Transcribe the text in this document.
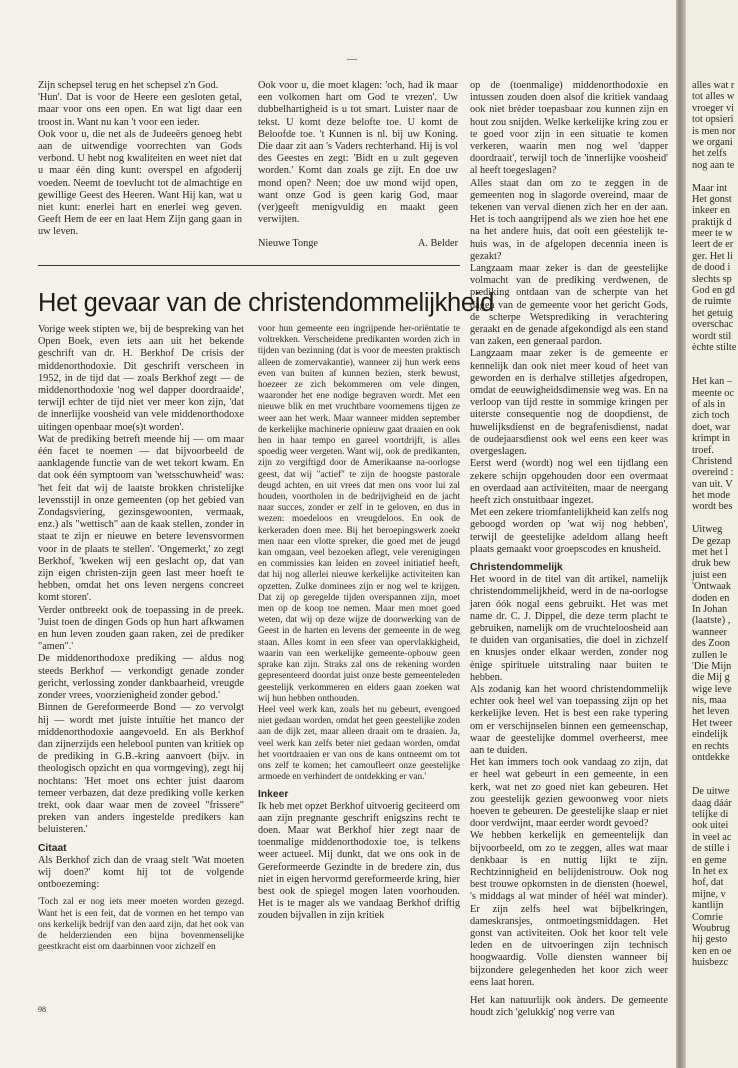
—

Zijn schepsel terug en het schepsel z'n God.

'Hun'. Dat is voor de Heere een gesloten getal, maar voor ons een open. En wat ligt daar een troost in. Want nu kan 't voor een ieder.

Ook voor u, die net als de Judeeërs genoeg hebt aan de uitwendige voorrechten van Gods verbond. U hebt nog kwaliteiten en weet niet dat u maar één ding kunt: overspel en afgoderij voeden. Neemt de toevlucht tot de almachtige en gewillige Geest des Heeren. Want Hij kan, wat u niet kunt: enerlei hart en enerlei weg geven. Geeft Hem de eer en laat Hem Zijn gang gaan in uw leven.

Ook voor u, die moet klagen: 'och, had ik maar een volkomen hart om God te vrezen'. Uw dubbelhartigheid is u tot smart. Luister naar de tekst. U komt deze belofte toe. U komt de Beloofde toe. 't Kunnen is nl. bij uw Koning. Die daar zit aan 's Vaders rechterhand. Hij is vol des Geestes en zegt: 'Bidt en u zult gegeven worden.' Komt dan zoals ge zijt. En doe uw mond open? Neen; doe uw mond wijd open, want onze God is geen karig God, maar (ver)geeft menigvuldig en maakt geen verwijten.

Nieuwe Tonge	A. Belder
Het gevaar van de christendommelijkheid

Vorige week stipten we, bij de bespreking van het Open Boek, even iets aan uit het bekende geschrift van dr. H. Berkhof De crisis der middenorthodoxie. Dit geschrift verscheen in 1952, in de tijd dat — zoals Berkhof zegt — de middenorthodoxie 'nog wel dapper doordraaide', terwijl echter de tijd niet ver meer kon zijn, 'dat de innerlijke voosheid van vele middenorthodoxe uitingen openbaar moe(s)t worden'.

Wat de prediking betreft meende hij — om maar één facet te noemen — dat bijvoorbeeld de aanklagende functie van de wet tekort kwam. En dat ook één symptoom van 'wetsschuwheid' was: 'het feit dat wij de laatste brokken christelijke levensstijl in onze gemeenten (op het gebied van Zondagsviering, gezinsgewoonten, vermaak, enz.) als "wettisch" aan de kaak stellen, zonder in staat te zijn er nieuwe en betere levensvormen voor in de plaats te stellen'. 'Ongemerkt,' zo zegt Berkhof, 'kweken wij een geslacht op, dat van zijn eigen christen-zijn geen last meer hoeft te hebben, omdat het ons leven nergens concreet komt storen'.

Verder ontbreekt ook de toepassing in de preek. 'Juist toen de dingen Gods op hun hart afkwamen en hun leven zouden gaan raken, zei de prediker "amen".'

De middenorthodoxe prediking — aldus nog steeds Berkhof — verkondigt genade zonder gericht, verlossing zonder dankbaarheid, vreugde zonder vrees, voorzienigheid zonder gebod.'

Binnen de Gereformeerde Bond — zo vervolgt hij — wordt met juiste intuïtie het manco der middenorthodoxie aangevoeld. En als Berkhof dan zijnerzijds een helebool punten van kritiek op de prediking in G.B.-kring aanvoert (bijv. in theologisch opzicht en qua vormgeving), zegt hij nochtans: 'Het moet ons echter juist daarom temeer verbazen, dat deze prediking volle kerken trekt, ook daar waar men de zoveel "frissere" preken van anders ingestelde predikers kan beluisteren.'

Citaat

Als Berkhof zich dan de vraag stelt 'Wat moeten wij doen?' komt hij tot de volgende ontboezeming:

'Toch zal er nog iets meer moeten worden gezegd. Want het is een feit, dat de vormen en het tempo van ons kerkelijk bedrijf van den aard zijn, dat het ook van de helderzienden een bijna bovenmenselijke geestkracht eist om daarbinnen voor zichzelf en

voor hun gemeente een ingrijpende her-oriëntatie te voltrekken. Verscheidene predikanten worden zich in tijden van bezinning (dat is voor de meesten praktisch alleen de zomervakantie), wanneer zij hun werk eens even van buiten af kunnen bezien, sterk bewust, hoezeer ze zich bekommeren om vele dingen, waaronder het ene nodige begraven wordt. Met een nieuwe blik en met vruchtbare voornemens tijgen ze weer aan het werk. Maar wanneer midden september de kerkelijke machinerie opnieuw gaat draaien en ook hen in haar tempo en gareel voortdrijft, is alles spoedig weer vergeten. Want wij, ook de predikanten, zijn zo vergiftigd door de Amerikaanse na-oorlogse geest, dat wij "actief" te zijn de hoogste pastorale deugd achten, en uit vrees dat men ons voor lui zal houden, voortholen in de bedrijvigheid en de jacht naar succes, zonder er zelf in te geloven, en dus in wezen: moedeloos en vreugdeloos. En ook de kerkeraden doen mee. Bij het beroepingswerk zoekt men naar een vlotte spreker, die goed met de jeugd kan omgaan, veel bezoeken aflegt, vele verenigingen en commissies kan leiden en zoveel initiatief heeft, dat hij nog allerlei nieuwe kerkelijke activiteiten kan opzetten. Zulke dominees zijn er nog wel te krijgen. Dat zij op geregelde tijden overspannen zijn, moet men op de koop toe nemen. Maar men moet goed weten, dat wij op deze wijze de doorwerking van de Geest in de harten en levens der gemeente in de weg staan. Alles komt in een sfeer van opervlakkigheid, waarin van een werkelijke gemeente-opbouw geen sprake kan zijn. Straks zal ons de rekening worden gepresenteerd doordat juist onze beste gemeenteleden geestelijk verkommeren en elders gaan zoeken wat wij hun hebben onthouden.

Heel veel werk kan, zoals het nu gebeurt, evengoed niet gedaan worden, omdat het geen geestelijke zoden aan de dijk zet, maar alleen draait om te draaien. Ja, veel werk kan zelfs beter niet gedaan worden, omdat het voortdraaien er van ons de kans ontneemt om tot ons zelf te komen; het camoufleert onze geestelijke armoede en verhindert de ontdekking er van.'

Inkeer

Ik heb met opzet Berkhof uitvoerig geciteerd om aan zijn pregnante geschrift enigszins recht te doen. Maar wat Berkhof hier zegt naar de toenmalige middenorthodoxie toe, is telkens weer actueel. Mij dunkt, dat we ons ook in de Gereformeerde Gezindte in de bredere zin, dus niet in eigen hervormd gereformeerde kring, hier best ook de spiegel mogen laten voorhouden. Het is te mager als we vandaag Berkhof driftig zouden bijvallen in zijn kritiek

op de (toenmalige) middenorthodoxie en intussen zouden doen alsof die kritiek vandaag ook niet brèder toepasbaar zou kunnen zijn en hout zou snijden. Welke kerkelijke kring zou er te goed voor zijn in een situatie te komen verkeren, waarin men nog wel 'dapper doordraait', terwijl toch de 'innerlijke voosheid' al heeft toegeslagen?

Alles staat dan om zo te zeggen in de gemeenten nog in slagorde overeind, maar de tekenen van verval dienen zich her en der aan. Het is toch aangrijpend als we zien hoe het ene na het andere huis, dat ooit een géestelijk te-huis was, in de afgelopen decennia ineen is gezakt?

Langzaam maar zeker is dan de geestelijke volmacht van de prediking verdwenen, de prediking ontdaan van de scherpte van het dagen van de gemeente voor het gericht Gods, de scherpe Wetsprediking in verachtering geraakt en de genade afgekondigd als een stand van zaken, een generaal pardon.

Langzaam maar zeker is de gemeente er kennelijk dan ook niet meer koud of heet van geworden en is derhalve stilletjes afgedropen, omdat de eeuwigheidsdimensie weg was. En na verloop van tijd restte in sommige kringen per uiterste consequentie nog de doopdienst, de huwelijksdienst en de begrafenisdienst, nadat de oudejaarsdienst ook wel eens een keer was overgeslagen.

Eerst werd (wordt) nog wel een tijdlang een zekere schijn opgehouden door een overmaat en overdaad aan activiteiten, maar de neergang heeft zich onstuitbaar ingezet.

Met een zekere triomfantelijkheid kan zelfs nog geboogd worden op 'wat wij nog hebben', terwijl de geestelijke adeldom allang heeft plaats gemaakt voor groepscodes en knusheid.

Christendommelijk

Het woord in de titel van dit artikel, namelijk christendommelijkheid, werd in de na-oorlogse jaren óók nogal eens gebruikt. Het was met name dr. C. J. Dippel, die deze term placht te gebruiken, namelijk om de vruchteloosheid aan te duiden van organisaties, die doel in zichzelf en knusjes onder elkaar werden, zonder nog ènige spirituele uitstraling naar buiten te hebben.

Als zodanig kan het woord christendommelijk echter ook heel wel van toepassing zijn op het kerkelijke leven. Het is best een rake typering om er verschijnselen binnen een gemeenschap, waar de geestelijke dommel overheerst, mee aan te duiden.

Het kan immers toch ook vandaag zo zijn, dat er heel wat gebeurt in een gemeente, in een kerk, wat net zo goed niet kan gebeuren. Het zou geestelijk gezien gewoonweg voor niets hoeven te gebeuren. De geestelijke slaap er niet door verdwijnt, maar eerder wordt gevoed?

We hebben kerkelijk en gemeentelijk dan bijvoorbeeld, om zo te zeggen, alles wat maar denkbaar is en nuttig lijkt te zijn. Rechtzinnigheid en belijdenistrouw. Ook nog best trouwe opkomsten in de diensten (hoewel, 's middags al wat minder of héél wat minder). Er zijn zelfs heel wat bijbelkringen, dameskransjes, ontmoetingsmiddagen. Het gonst van activiteiten. Ook het koor telt vele leden en de uitvoeringen zijn technisch hoogwaardig. Volle diensten wanneer bij bijzondere gelegenheden het koor zich weer eens laat horen.

Het kan natuurlijk ook ànders. De gemeente houdt zich 'gelukkig' nog verre van

alles wat r
tot alles w
vroeger vi
tot opsieri
is men nor
we organi
het zelfs
nog aan te
Maar int
Het gonst
inkeer en
praktijk d
meer te w
leert de er
ger. Het li
de dood i
slechts sp
God en gd
de ruimte
het getuig
overschac
wordt stil
èchte stilte
Het kan –
meente oc
of als in
zich toch
doet, war
krimpt in
troef.
Christend
overeind :
van uit. V
het mode
wordt bes
Uitweg
De gezap
met het l
druk bew
juist een
'Ontwaak
doden en
In Johan
(laatste) ,
wanneer
des Zoon
zullen le
'Die Mijn
die Mij g
wige leve
nis, maa
het leven
Het tweer
eindelijk
en rechts
ontdekke
De uitwe
daag dáár
telijke di
ook uitei
in veel ac
de stille i
en geme
In het ex
hof, dat
mijne, v
kantlijn
Comrie
Woubrug
hij gesto
ken en oe
huisbezc
98
